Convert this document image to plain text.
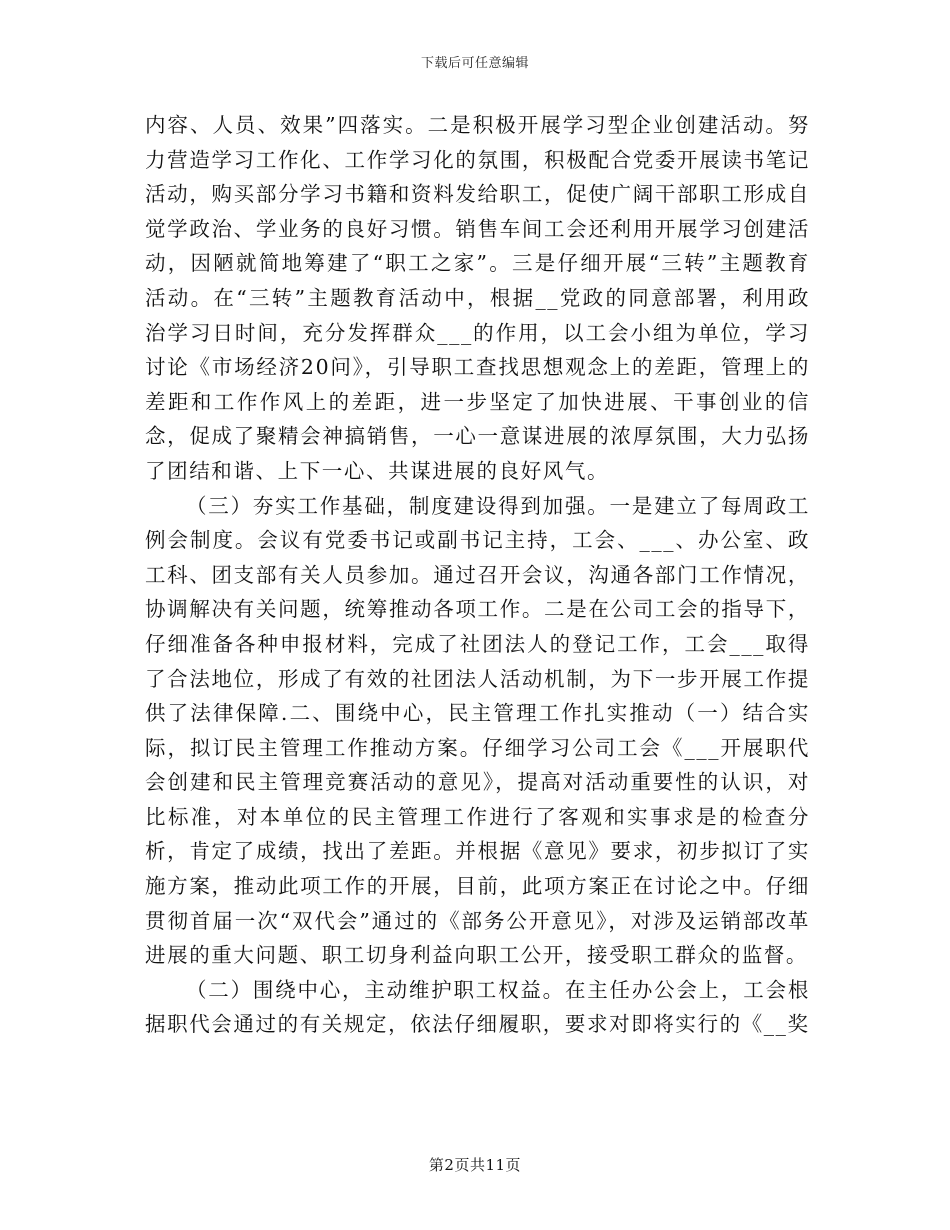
下载后可任意编辑

内容、人员、效果”四落实。二是积极开展学习型企业创建活动。努力营造学习工作化、工作学习化的氛围，积极配合党委开展读书笔记活动，购买部分学习书籍和资料发给职工，促使广阔干部职工形成自觉学政治、学业务的良好习惯。销售车间工会还利用开展学习创建活动，因陋就简地筹建了“职工之家”。三是仔细开展“三转”主题教育活动。在“三转”主题教育活动中，根据__党政的同意部署，利用政治学习日时间，充分发挥群众___的作用，以工会小组为单位，学习讨论《市场经济20问》，引导职工查找思想观念上的差距，管理上的差距和工作作风上的差距，进一步坚定了加快进展、干事创业的信念，促成了聚精会神搞销售，一心一意谋进展的浓厚氛围，大力弘扬了团结和谐、上下一心、共谋进展的良好风气。

（三）夯实工作基础，制度建设得到加强。一是建立了每周政工例会制度。会议有党委书记或副书记主持，工会、___、办公室、政工科、团支部有关人员参加。通过召开会议，沟通各部门工作情况，协调解决有关问题，统筹推动各项工作。二是在公司工会的指导下，仔细准备各种申报材料，完成了社团法人的登记工作，工会___取得了合法地位，形成了有效的社团法人活动机制，为下一步开展工作提供了法律保障.二、围绕中心，民主管理工作扎实推动（一）结合实际，拟订民主管理工作推动方案。仔细学习公司工会《___开展职代会创建和民主管理竞赛活动的意见》，提高对活动重要性的认识，对比标准，对本单位的民主管理工作进行了客观和实事求是的检查分析，肯定了成绩，找出了差距。并根据《意见》要求，初步拟订了实施方案，推动此项工作的开展，目前，此项方案正在讨论之中。仔细贯彻首届一次“双代会”通过的《部务公开意见》，对涉及运销部改革进展的重大问题、职工切身利益向职工公开，接受职工群众的监督。

（二）围绕中心，主动维护职工权益。在主任办公会上，工会根据职代会通过的有关规定，依法仔细履职，要求对即将实行的《__奖

第2页共11页
